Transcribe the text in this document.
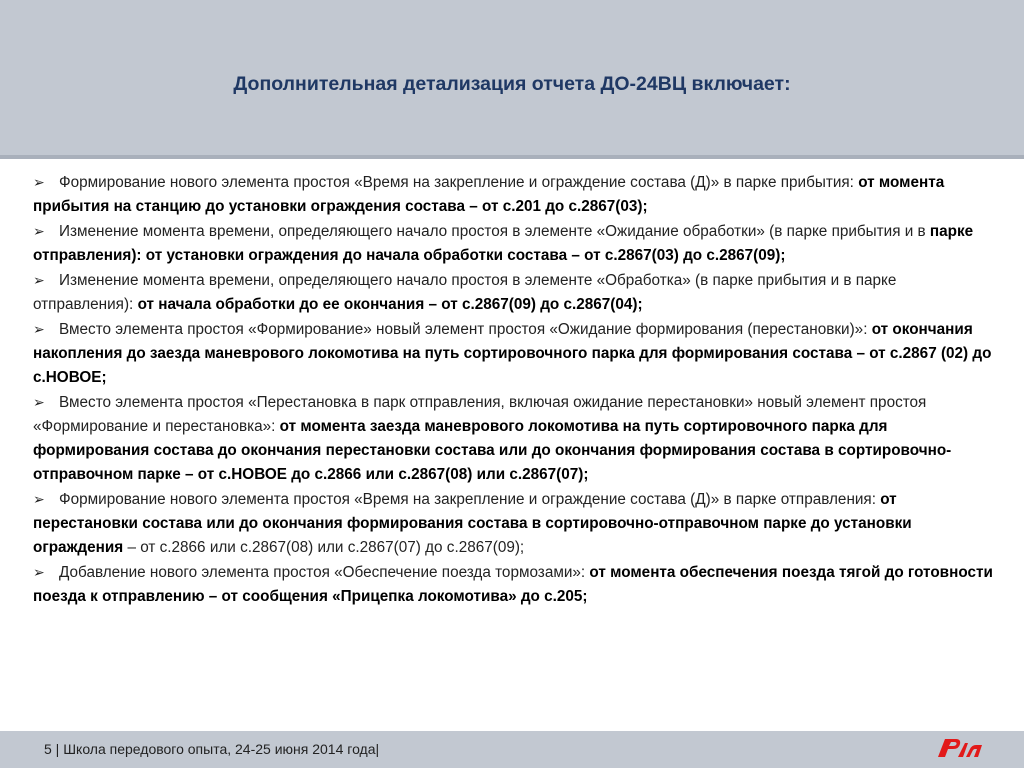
Дополнительная детализация отчета ДО-24ВЦ включает:

➢ Формирование нового элемента простоя «Время на закрепление и ограждение состава (Д)» в парке прибытия: от момента прибытия на станцию до установки ограждения состава – от с.201 до с.2867(03);

➢ Изменение момента времени, определяющего начало простоя в элементе «Ожидание обработки» (в парке прибытия и в парке отправления): от установки ограждения до начала обработки состава – от с.2867(03) до с.2867(09);

➢ Изменение момента времени, определяющего начало простоя в элементе «Обработка» (в парке прибытия и в парке отправления): от начала обработки до ее окончания – от с.2867(09) до с.2867(04);

➢ Вместо элемента простоя «Формирование» новый элемент простоя «Ожидание формирования (перестановки)»: от окончания накопления до заезда маневрового локомотива на путь сортировочного парка для формирования состава – от с.2867 (02) до с.НОВОЕ;

➢ Вместо элемента простоя «Перестановка в парк отправления, включая ожидание перестановки» новый элемент простоя «Формирование и перестановка»: от момента заезда маневрового локомотива на путь сортировочного парка для формирования состава до окончания перестановки состава или до окончания формирования состава в сортировочно-отправочном парке – от с.НОВОЕ до с.2866 или с.2867(08) или с.2867(07);

➢ Формирование нового элемента простоя «Время на закрепление и ограждение состава (Д)» в парке отправления: от перестановки состава или до окончания формирования состава в сортировочно-отправочном парке до установки ограждения – от с.2866 или с.2867(08) или с.2867(07) до с.2867(09);

➢ Добавление нового элемента простоя «Обеспечение поезда тормозами»: от момента обеспечения поезда тягой до готовности поезда к отправлению – от сообщения «Прицепка локомотива» до с.205;

5 | Школа передового опыта, 24-25 июня 2014 года|
